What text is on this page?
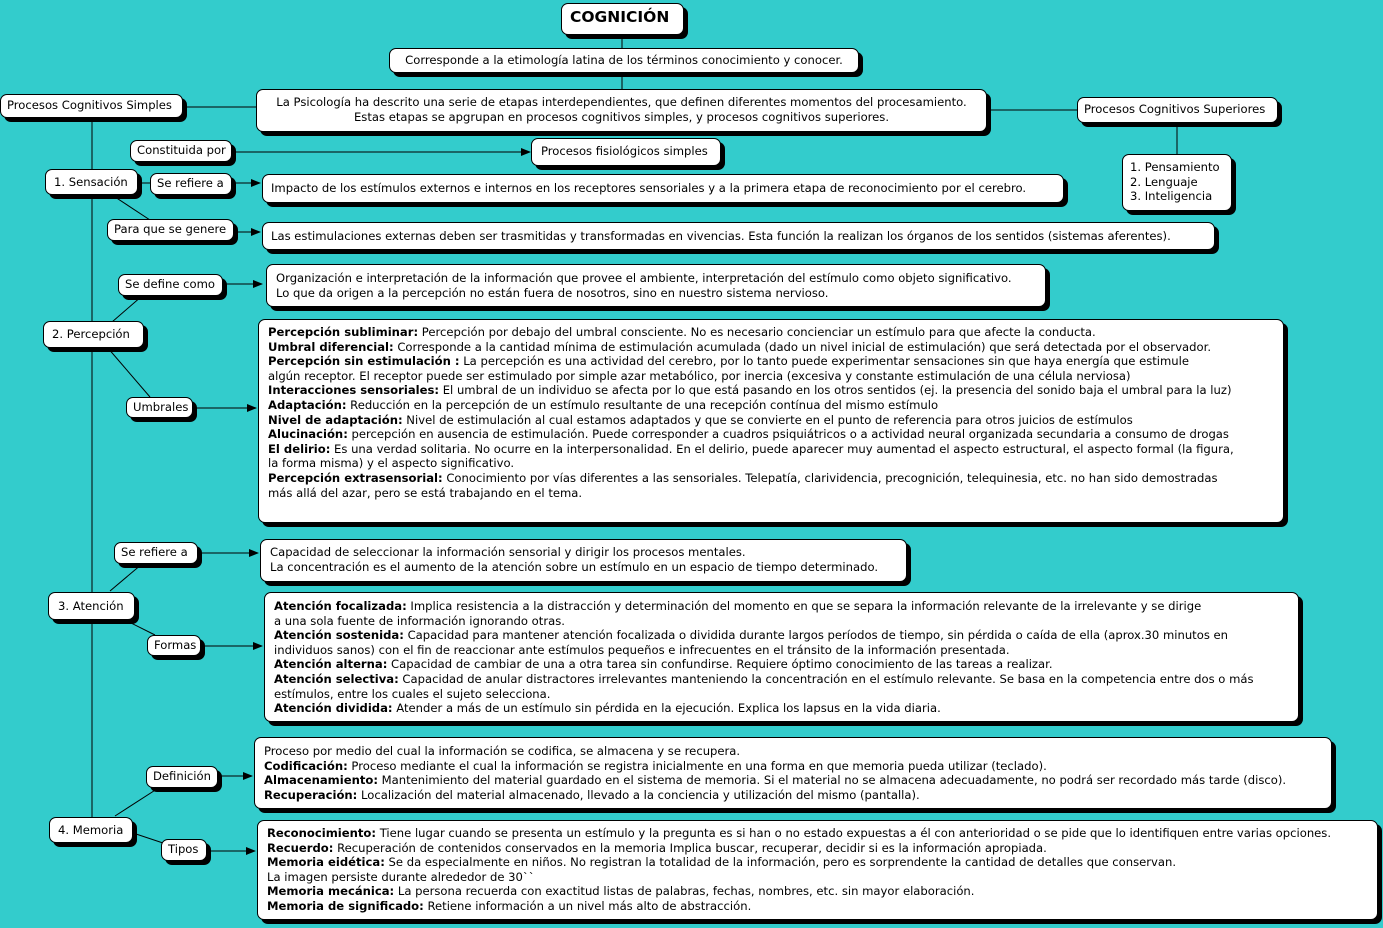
COGNICIÓN
Corresponde a la etimología latina de los términos conocimiento y conocer.
La Psicología ha descrito una serie de etapas interdependientes, que definen diferentes momentos del procesamiento.
Estas etapas se apgrupan en procesos cognitivos simples, y procesos cognitivos superiores.
Procesos Cognitivos Simples	Procesos Cognitivos Superiores
1. Pensamiento
2. Lenguaje
3. Inteligencia
Constituida por	Procesos fisiológicos simples
1. Sensación	Se refiere a	Impacto de los estímulos externos e internos en los receptores sensoriales y a la primera etapa de reconocimiento por el cerebro.
Para que se genere	Las estimulaciones externas deben ser trasmitidas y transformadas en vivencias. Esta función la realizan los órganos de los sentidos (sistemas aferentes).
Se define como	Organización e interpretación de la información que provee el ambiente, interpretación del estímulo como objeto significativo.
Lo que da origen a la percepción no están fuera de nosotros, sino en nuestro sistema nervioso.
2. Percepción
Umbrales
Percepción subliminar: Percepción por debajo del umbral consciente. No es necesario concienciar un estímulo para que afecte la conducta.
Umbral diferencial: Corresponde a la cantidad mínima de estimulación acumulada (dado un nivel inicial de estimulación) que será detectada por el observador.
Percepción sin estimulación : La percepción es una actividad del cerebro, por lo tanto puede experimentar sensaciones sin que haya energía que estimule
algún receptor. El receptor puede ser estimulado por simple azar metabólico, por inercia (excesiva y constante estimulación de una célula nerviosa)
Interacciones sensoriales: El umbral de un individuo se afecta por lo que está pasando en los otros sentidos (ej. la presencia del sonido baja el umbral para la luz)
Adaptación: Reducción en la percepción de un estímulo resultante de una recepción contínua del mismo estímulo
Nivel de adaptación: Nivel de estimulación al cual estamos adaptados y que se convierte en el punto de referencia para otros juicios de estímulos
Alucinación: percepción en ausencia de estimulación. Puede corresponder a cuadros psiquiátricos o a actividad neural organizada secundaria a consumo de drogas
El delirio: Es una verdad solitaria. No ocurre en la interpersonalidad. En el delirio, puede aparecer muy aumentad el aspecto estructural, el aspecto formal (la figura,
la forma misma) y el aspecto significativo.
Percepción extrasensorial: Conocimiento por vías diferentes a las sensoriales. Telepatía, clarividencia, precognición, telequinesia, etc. no han sido demostradas
más allá del azar, pero se está trabajando en el tema.
Se refiere a	Capacidad de seleccionar la información sensorial y dirigir los procesos mentales.
La concentración es el aumento de la atención sobre un estímulo en un espacio de tiempo determinado.
3. Atención
Formas
Atención focalizada: Implica resistencia a la distracción y determinación del momento en que se separa la información relevante de la irrelevante y se dirige
a una sola fuente de información ignorando otras.
Atención sostenida: Capacidad para mantener atención focalizada o dividida durante largos períodos de tiempo, sin pérdida o caída de ella (aprox.30 minutos en
individuos sanos) con el fin de reaccionar ante estímulos pequeños e infrecuentes en el tránsito de la información presentada.
Atención alterna: Capacidad de cambiar de una a otra tarea sin confundirse. Requiere óptimo conocimiento de las tareas a realizar.
Atención selectiva: Capacidad de anular distractores irrelevantes manteniendo la concentración en el estímulo relevante. Se basa en la competencia entre dos o más
estímulos, entre los cuales el sujeto selecciona.
Atención dividida: Atender a más de un estímulo sin pérdida en la ejecución. Explica los lapsus en la vida diaria.
Proceso por medio del cual la información se codifica, se almacena y se recupera.
Codificación: Proceso mediante el cual la información se registra inicialmente en una forma en que memoria pueda utilizar (teclado).
Almacenamiento: Mantenimiento del material guardado en el sistema de memoria. Si el material no se almacena adecuadamente, no podrá ser recordado más tarde (disco).
Recuperación: Localización del material almacenado, llevado a la conciencia y utilización del mismo (pantalla).
Definición
4. Memoria
Tipos
Reconocimiento: Tiene lugar cuando se presenta un estímulo y la pregunta es si han o no estado expuestas a él con anterioridad o se pide que lo identifiquen entre varias opciones.
Recuerdo: Recuperación de contenidos conservados en la memoria Implica buscar, recuperar, decidir si es la información apropiada.
Memoria eidética: Se da especialmente en niños. No registran la totalidad de la información, pero es sorprendente la cantidad de detalles que conservan.
La imagen persiste durante alrededor de 30``
Memoria mecánica: La persona recuerda con exactitud listas de palabras, fechas, nombres, etc. sin mayor elaboración.
Memoria de significado: Retiene información a un nivel más alto de abstracción.
